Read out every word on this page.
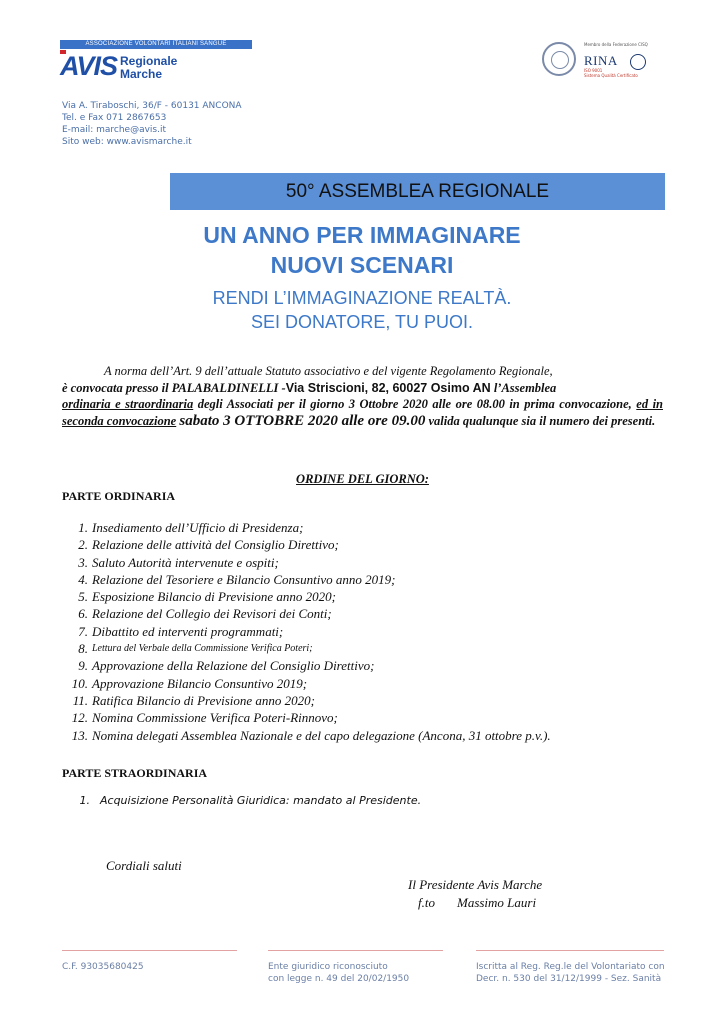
ASSOCIAZIONE VOLONTARI ITALIANI SANGUE
AVIS Regionale
Marche
Via A. Tiraboschi, 36/F - 60131 ANCONA
Tel. e Fax 071 2867653
E-mail: marche@avis.it
Sito web: www.avismarche.it
Membro della Federazione CISQ
RINA
ISO 9001
Sistema Qualità Certificato
50° ASSEMBLEA REGIONALE
UN ANNO PER IMMAGINARE
NUOVI SCENARI
RENDI L’IMMAGINAZIONE REALTÀ.
SEI DONATORE, TU PUOI.
A norma dell’Art. 9 dell’attuale Statuto associativo e del vigente Regolamento Regionale,
è convocata presso il PALABALDINELLI -Via Striscioni, 82, 60027 Osimo AN l’Assemblea
ordinaria e straordinaria degli Associati per il giorno 3 Ottobre 2020 alle ore 08.00 in prima convocazione, ed in seconda convocazione sabato 3 OTTOBRE 2020 alle ore 09.00 valida qualunque sia il numero dei presenti.
ORDINE DEL GIORNO:
PARTE ORDINARIA
1. Insediamento dell’Ufficio di Presidenza;
2. Relazione delle attività del Consiglio Direttivo;
3. Saluto Autorità intervenute e ospiti;
4. Relazione del Tesoriere e Bilancio Consuntivo anno 2019;
5. Esposizione Bilancio di Previsione anno 2020;
6. Relazione del Collegio dei Revisori dei Conti;
7. Dibattito ed interventi programmati;
8. Lettura del Verbale della Commissione Verifica Poteri;
9. Approvazione della Relazione del Consiglio Direttivo;
10. Approvazione Bilancio Consuntivo 2019;
11. Ratifica Bilancio di Previsione anno 2020;
12. Nomina Commissione Verifica Poteri-Rinnovo;
13. Nomina delegati Assemblea Nazionale e del capo delegazione (Ancona, 31 ottobre p.v.).
PARTE STRAORDINARIA
1. Acquisizione Personalità Giuridica: mandato al Presidente.
Cordiali saluti
Il Presidente Avis Marche
f.to Massimo Lauri
C.F. 93035680425	Ente giuridico riconosciuto
con legge n. 49 del 20/02/1950
Iscritta al Reg. Reg.le del Volontariato con
Decr. n. 530 del 31/12/1999 - Sez. Sanità
